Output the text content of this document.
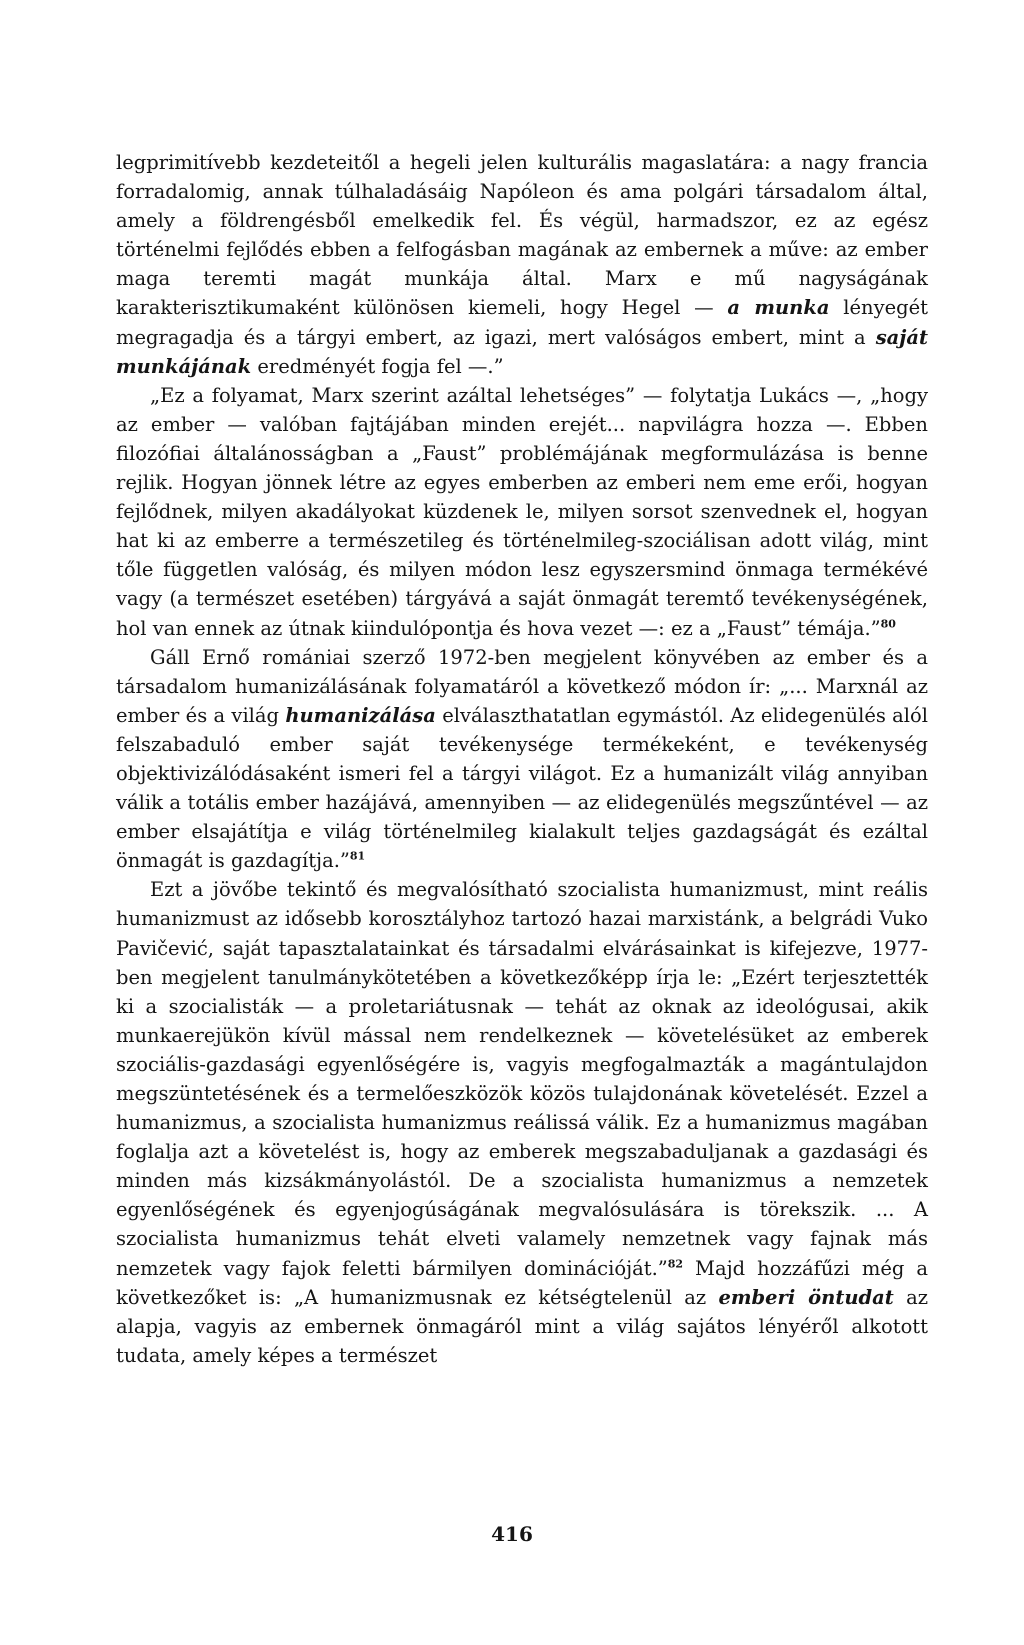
legprimitívebb kezdeteitől a hegeli jelen kulturális magaslatára: a nagy francia forradalomig, annak túlhaladásáig Napóleon és ama polgári társadalom által, amely a földrengésből emelkedik fel. És végül, harmadszor, ez az egész történelmi fejlődés ebben a felfogásban magának az embernek a műve: az ember maga teremti magát munkája által. Marx e mű nagyságának karakterisztikumaként különösen kiemeli, hogy Hegel — a munka lényegét megragadja és a tárgyi embert, az igazi, mert valóságos embert, mint a saját munkájának eredményét fogja fel —.”

„Ez a folyamat, Marx szerint azáltal lehetséges” — folytatja Lukács —, „hogy az ember — valóban fajtájában minden erejét... napvilágra hozza —. Ebben filozófiai általánosságban a „Faust” problémájának megformulázása is benne rejlik. Hogyan jönnek létre az egyes emberben az emberi nem eme erői, hogyan fejlődnek, milyen akadályokat küzdenek le, milyen sorsot szenvednek el, hogyan hat ki az emberre a természetileg és történelmileg-szociálisan adott világ, mint tőle független valóság, és milyen módon lesz egyszersmind önmaga termékévé vagy (a természet esetében) tárgyává a saját önmagát teremtő tevékenységének, hol van ennek az útnak kiindulópontja és hova vezet —: ez a „Faust” témája.”$^{80}$

Gáll Ernő romániai szerző 1972-ben megjelent könyvében az ember és a társadalom humanizálásának folyamatáról a következő módon ír: „... Marxnál az ember és a világ humanizálása elválaszthatatlan egymástól. Az elidegenülés alól felszabaduló ember saját tevékenysége termékeként, e tevékenység objektivizálódásaként ismeri fel a tárgyi világot. Ez a humanizált világ annyiban válik a totális ember hazájává, amennyiben — az elidegenülés megszűntével — az ember elsajátítja e világ történelmileg kialakult teljes gazdagságát és ezáltal önmagát is gazdagítja.”$^{81}$

Ezt a jövőbe tekintő és megvalósítható szocialista humanizmust, mint reális humanizmust az idősebb korosztályhoz tartozó hazai marxistánk, a belgrádi Vuko Pavičević, saját tapasztalatainkat és társadalmi elvárásainkat is kifejezve, 1977-ben megjelent tanulmánykötetében a következőképp írja le: „Ezért terjesztették ki a szocialisták — a proletariátusnak — tehát az oknak az ideológusai, akik munkaerejükön kívül mással nem rendelkeznek — követelésüket az emberek szociális-gazdasági egyenlőségére is, vagyis megfogalmazták a magántulajdon megszüntetésének és a termelőeszközök közös tulajdonának követelését. Ezzel a humanizmus, a szocialista humanizmus reálissá válik. Ez a humanizmus magában foglalja azt a követelést is, hogy az emberek megszabaduljanak a gazdasági és minden más kizsákmányolástól. De a szocialista humanizmus a nemzetek egyenlőségének és egyenjogúságának megvalósulására is törekszik. ... A szocialista humanizmus tehát elveti valamely nemzetnek vagy fajnak más nemzetek vagy fajok feletti bármilyen dominációját.”$^{82}$ Majd hozzáfűzi még a következőket is: „A humanizmusnak ez kétségtelenül az emberi öntudat az alapja, vagyis az embernek önmagáról mint a világ sajátos lényéről alkotott tudata, amely képes a természet

416
